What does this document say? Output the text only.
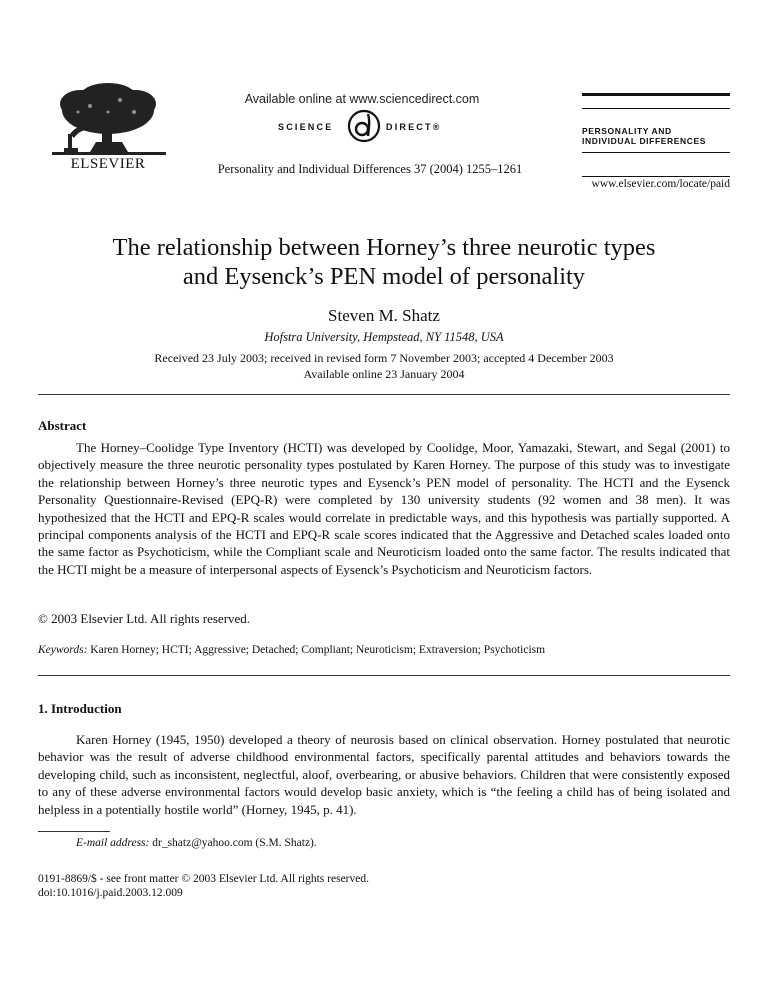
ELSEVIER
Available online at www.sciencedirect.com
SCIENCE	DIRECT®
Personality and Individual Differences 37 (2004) 1255–1261
PERSONALITY AND
INDIVIDUAL DIFFERENCES
www.elsevier.com/locate/paid
The relationship between Horney’s three neurotic types
and Eysenck’s PEN model of personality
Steven M. Shatz
Hofstra University, Hempstead, NY 11548, USA
Received 23 July 2003; received in revised form 7 November 2003; accepted 4 December 2003
Available online 23 January 2004
Abstract
The Horney–Coolidge Type Inventory (HCTI) was developed by Coolidge, Moor, Yamazaki, Stewart, and Segal (2001) to objectively measure the three neurotic personality types postulated by Karen Horney. The purpose of this study was to investigate the relationship between Horney’s three neurotic types and Eysenck’s PEN model of personality. The HCTI and the Eysenck Personality Questionnaire-Revised (EPQ-R) were completed by 130 university students (92 women and 38 men). It was hypothesized that the HCTI and EPQ-R scales would correlate in predictable ways, and this hypothesis was partially supported. A principal components analysis of the HCTI and EPQ-R scale scores indicated that the Aggressive and Detached scales loaded onto the same factor as Psychoticism, while the Compliant scale and Neuroticism loaded onto the same factor. The results indicated that the HCTI might be a measure of interpersonal aspects of Eysenck’s Psychoticism and Neuroticism factors.
© 2003 Elsevier Ltd. All rights reserved.
Keywords: Karen Horney; HCTI; Aggressive; Detached; Compliant; Neuroticism; Extraversion; Psychoticism
1. Introduction
Karen Horney (1945, 1950) developed a theory of neurosis based on clinical observation. Horney postulated that neurotic behavior was the result of adverse childhood environmental factors, specifically parental attitudes and behaviors towards the developing child, such as inconsistent, neglectful, aloof, overbearing, or abusive behaviors. Children that were consistently exposed to any of these adverse environmental factors would develop basic anxiety, which is “the feeling a child has of being isolated and helpless in a potentially hostile world” (Horney, 1945, p. 41).
E-mail address: dr_shatz@yahoo.com (S.M. Shatz).
0191-8869/$ - see front matter © 2003 Elsevier Ltd. All rights reserved.
doi:10.1016/j.paid.2003.12.009
